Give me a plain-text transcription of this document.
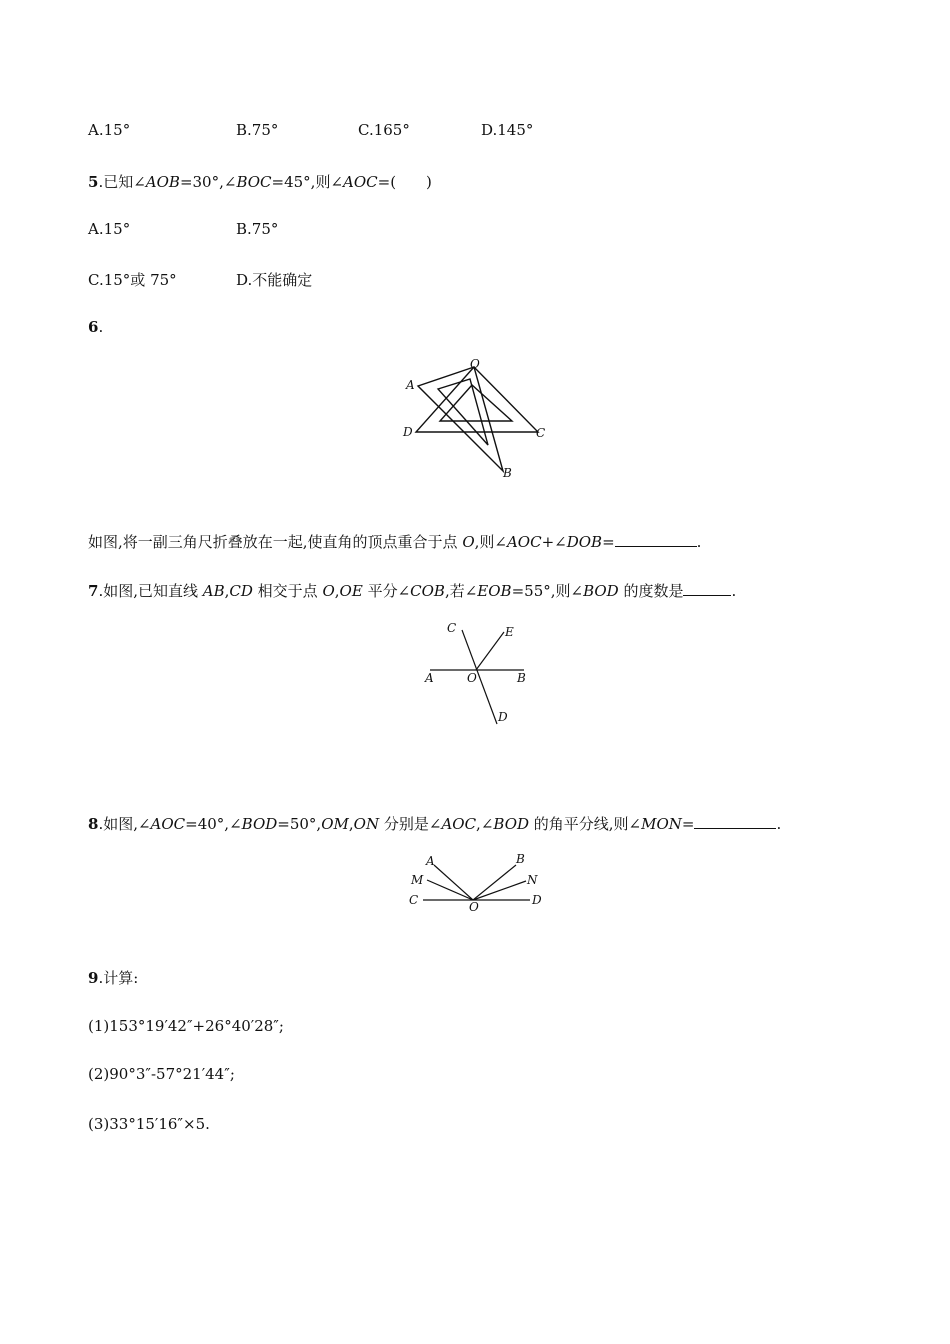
A.15°	B.75°	C.165°	D.145°
5.已知∠AOB=30°,∠BOC=45°,则∠AOC=(　　)
A.15°	B.75°
C.15°或 75°	D.不能确定
6.
O
A
D	C
B
如图,将一副三角尺折叠放在一起,使直角的顶点重合于点 O,则∠AOC+∠DOB=	.
7.如图,已知直线 AB,CD 相交于点 O,OE 平分∠COB,若∠EOB=55°,则∠BOD 的度数是	.
C	E
A	O	B
D
8.如图,∠AOC=40°,∠BOD=50°,OM,ON 分别是∠AOC,∠BOD 的角平分线,则∠MON=	.
A	B
M	N
C	O	D
9.计算:
(1)153°19′42″+26°40′28″;
(2)90°3″-57°21′44″;
(3)33°15′16″×5.
